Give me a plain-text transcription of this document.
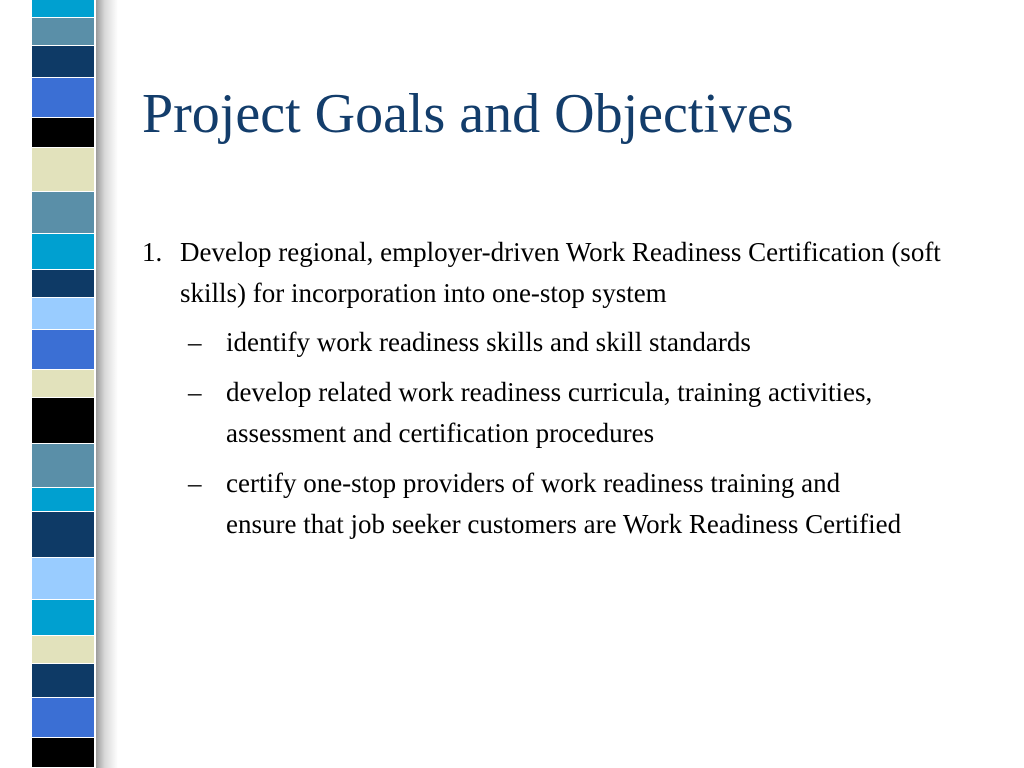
Project Goals and Objectives
1. Develop regional, employer-driven Work Readiness Certification (soft skills) for incorporation into one-stop system
– identify work readiness skills and skill standards
– develop related work readiness curricula, training activities, assessment and certification procedures
– certify one-stop providers of work readiness training and ensure that job seeker customers are Work Readiness Certified
